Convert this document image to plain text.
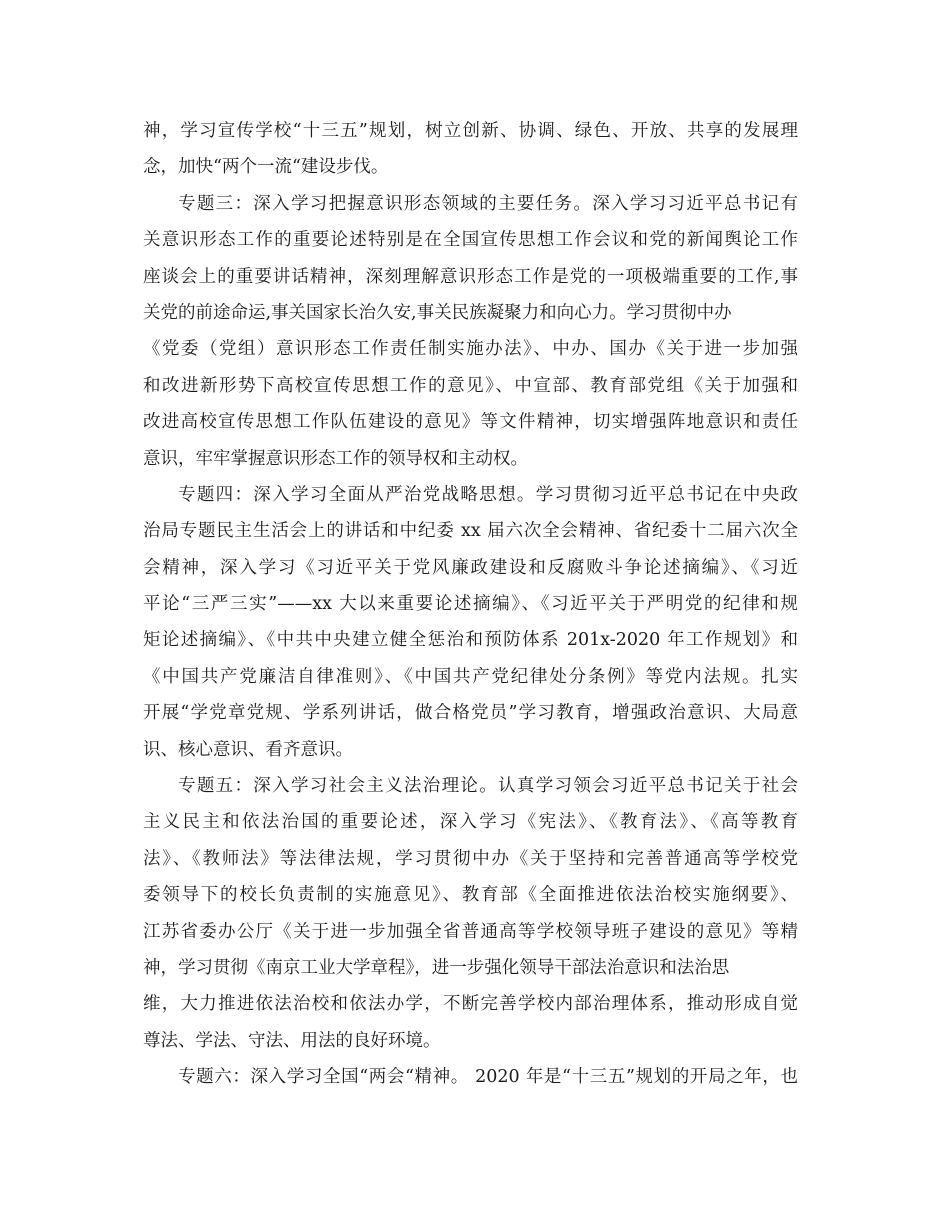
神，学习宣传学校“十三五”规划，树立创新、协调、绿色、开放、共享的发展理
念，加快“两个一流“建设步伐。
专题三：深入学习把握意识形态领域的主要任务。深入学习习近平总书记有
关意识形态工作的重要论述特别是在全国宣传思想工作会议和党的新闻舆论工作
座谈会上的重要讲话精神，深刻理解意识形态工作是党的一项极端重要的工作,事
关党的前途命运,事关国家长治久安,事关民族凝聚力和向心力。学习贯彻中办
《党委（党组）意识形态工作责任制实施办法》、中办、国办《关于进一步加强
和改进新形势下高校宣传思想工作的意见》、中宣部、教育部党组《关于加强和
改进高校宣传思想工作队伍建设的意见》等文件精神，切实增强阵地意识和责任
意识，牢牢掌握意识形态工作的领导权和主动权。
专题四：深入学习全面从严治党战略思想。学习贯彻习近平总书记在中央政
治局专题民主生活会上的讲话和中纪委 xx 届六次全会精神、省纪委十二届六次全
会精神，深入学习《习近平关于党风廉政建设和反腐败斗争论述摘编》、《习近
平论“三严三实”——xx 大以来重要论述摘编》、《习近平关于严明党的纪律和规
矩论述摘编》、《中共中央建立健全惩治和预防体系 201x-2020 年工作规划》和
《中国共产党廉洁自律准则》、《中国共产党纪律处分条例》等党内法规。扎实
开展“学党章党规、学系列讲话，做合格党员”学习教育，增强政治意识、大局意
识、核心意识、看齐意识。
专题五：深入学习社会主义法治理论。认真学习领会习近平总书记关于社会
主义民主和依法治国的重要论述，深入学习《宪法》、《教育法》、《高等教育
法》、《教师法》等法律法规，学习贯彻中办《关于坚持和完善普通高等学校党
委领导下的校长负责制的实施意见》、教育部《全面推进依法治校实施纲要》、
江苏省委办公厅《关于进一步加强全省普通高等学校领导班子建设的意见》等精
神，学习贯彻《南京工业大学章程》，进一步强化领导干部法治意识和法治思
维，大力推进依法治校和依法办学，不断完善学校内部治理体系，推动形成自觉
尊法、学法、守法、用法的良好环境。
专题六：深入学习全国“两会“精神。 2020 年是“十三五”规划的开局之年，也
